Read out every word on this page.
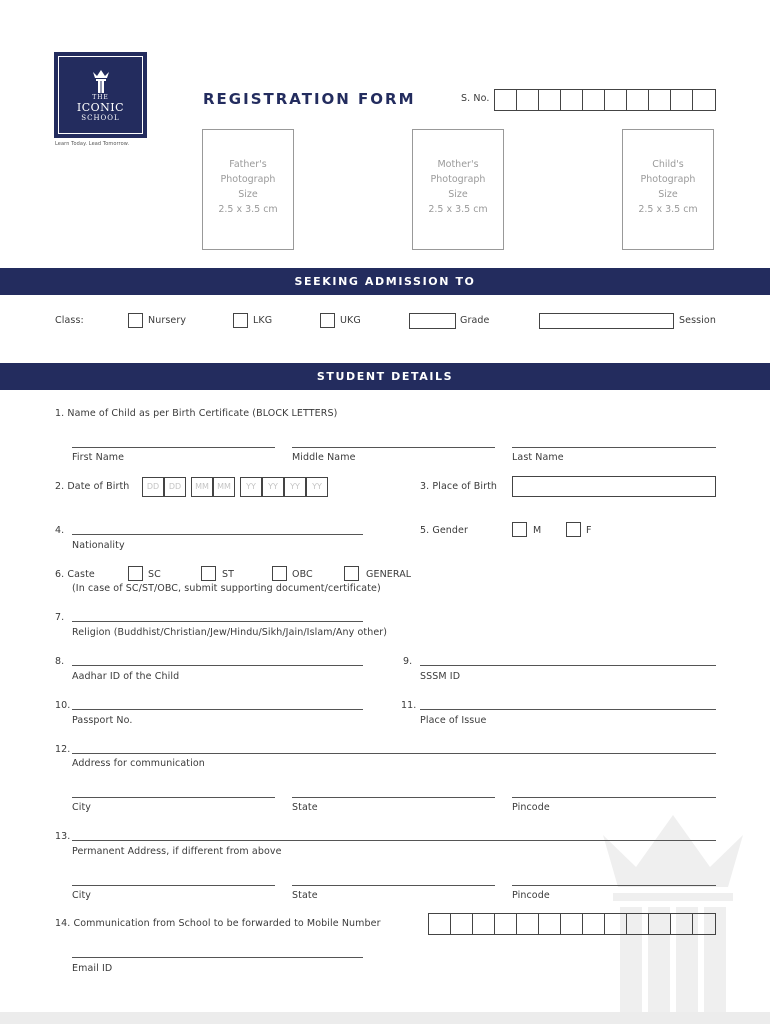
THE
ICONIC
SCHOOL
Learn Today. Lead Tomorrow.
REGISTRATION FORM	S. No.
Father's
Photograph
Size
2.5 x 3.5 cm
Mother's
Photograph
Size
2.5 x 3.5 cm
Child's
Photograph
Size
2.5 x 3.5 cm
SEEKING ADMISSION TO
Class:	Nursery	LKG	UKG	Grade	Session
STUDENT DETAILS
1. Name of Child as per Birth Certificate (BLOCK LETTERS)
First Name	Middle Name	Last Name
2. Date of Birth	DD	DD	MM	MM	YY	YY	YY	YY	3. Place of Birth
4.
Nationality
5. Gender	M	F
6. Caste	SC	ST	OBC	GENERAL
(In case of SC/ST/OBC, submit supporting document/certificate)
7.
Religion (Buddhist/Christian/Jew/Hindu/Sikh/Jain/Islam/Any other)
8.
Aadhar ID of the Child
9.
SSSM ID
10.
Passport No.
11.
Place of Issue
12.
Address for communication
City	State	Pincode
13.
Permanent Address, if different from above
City	State	Pincode
14. Communication from School to be forwarded to Mobile Number
Email ID
